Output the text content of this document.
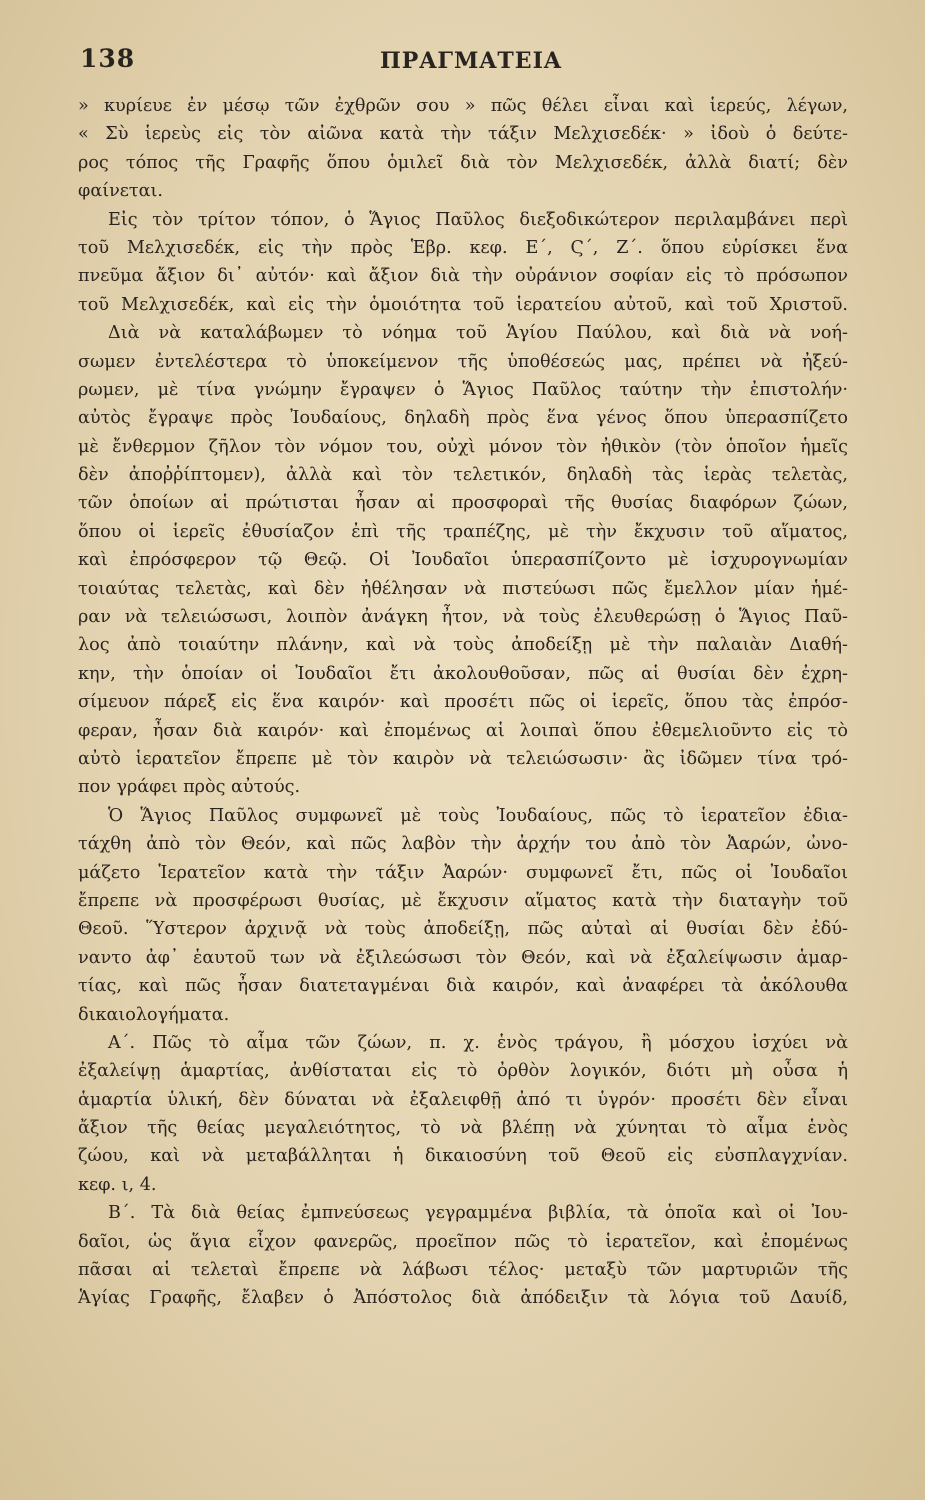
138	ΠΡΑΓΜΑΤΕΙΑ
» κυρίευε ἐν μέσῳ τῶν ἐχθρῶν σου » πῶς θέλει εἶναι καὶ ἱερεύς, λέγων,
« Σὺ ἱερεὺς εἰς τὸν αἰῶνα κατὰ τὴν τάξιν Μελχισεδέκ· » ἰδοὺ ὁ δεύτε-
ρος τόπος τῆς Γραφῆς ὅπου ὁμιλεῖ διὰ τὸν Μελχισεδέκ, ἀλλὰ διατί; δὲν
φαίνεται.
Εἰς τὸν τρίτον τόπον, ὁ Ἅγιος Παῦλος διεξοδικώτερον περιλαμβάνει περὶ
τοῦ Μελχισεδέκ, εἰς τὴν πρὸς Ἑβρ. κεφ. Ε΄, Ϛ΄, Ζ΄. ὅπου εὑρίσκει ἕνα
πνεῦμα ἄξιον δι᾽ αὐτόν· καὶ ἄξιον διὰ τὴν οὐράνιον σοφίαν εἰς τὸ πρόσωπον
τοῦ Μελχισεδέκ, καὶ εἰς τὴν ὁμοιότητα τοῦ ἱερατείου αὐτοῦ, καὶ τοῦ Χριστοῦ.
Διὰ νὰ καταλάβωμεν τὸ νόημα τοῦ Ἁγίου Παύλου, καὶ διὰ νὰ νοή-
σωμεν ἐντελέστερα τὸ ὑποκείμενον τῆς ὑποθέσεώς μας, πρέπει νὰ ἠξεύ-
ρωμεν, μὲ τίνα γνώμην ἔγραψεν ὁ Ἅγιος Παῦλος ταύτην τὴν ἐπιστολήν·
αὐτὸς ἔγραψε πρὸς Ἰουδαίους, δηλαδὴ πρὸς ἕνα γένος ὅπου ὑπερασπίζετο
μὲ ἔνθερμον ζῆλον τὸν νόμον του, οὐχὶ μόνον τὸν ἠθικὸν (τὸν ὁποῖον ἡμεῖς
δὲν ἀποῤῥίπτομεν), ἀλλὰ καὶ τὸν τελετικόν, δηλαδὴ τὰς ἱερὰς τελετὰς,
τῶν ὁποίων αἱ πρώτισται ἦσαν αἱ προσφοραὶ τῆς θυσίας διαφόρων ζώων,
ὅπου οἱ ἱερεῖς ἐθυσίαζον ἐπὶ τῆς τραπέζης, μὲ τὴν ἔκχυσιν τοῦ αἵματος,
καὶ ἐπρόσφερον τῷ Θεῷ. Οἱ Ἰουδαῖοι ὑπερασπίζοντο μὲ ἰσχυρογνωμίαν
τοιαύτας τελετὰς, καὶ δὲν ἠθέλησαν νὰ πιστεύωσι πῶς ἔμελλον μίαν ἡμέ-
ραν νὰ τελειώσωσι, λοιπὸν ἀνάγκη ἦτον, νὰ τοὺς ἐλευθερώσῃ ὁ Ἅγιος Παῦ-
λος ἀπὸ τοιαύτην πλάνην, καὶ νὰ τοὺς ἀποδείξῃ μὲ τὴν παλαιὰν Διαθή-
κην, τὴν ὁποίαν οἱ Ἰουδαῖοι ἔτι ἀκολουθοῦσαν, πῶς αἱ θυσίαι δὲν ἐχρη-
σίμευον πάρεξ εἰς ἕνα καιρόν· καὶ προσέτι πῶς οἱ ἱερεῖς, ὅπου τὰς ἐπρόσ-
φεραν, ἦσαν διὰ καιρόν· καὶ ἐπομένως αἱ λοιπαὶ ὅπου ἐθεμελιοῦντο εἰς τὸ
αὐτὸ ἱερατεῖον ἔπρεπε μὲ τὸν καιρὸν νὰ τελειώσωσιν· ἂς ἰδῶμεν τίνα τρό-
πον γράφει πρὸς αὐτούς.
Ὁ Ἅγιος Παῦλος συμφωνεῖ μὲ τοὺς Ἰουδαίους, πῶς τὸ ἱερατεῖον ἐδια-
τάχθη ἀπὸ τὸν Θεόν, καὶ πῶς λαβὸν τὴν ἀρχήν του ἀπὸ τὸν Ἀαρών, ὠνο-
μάζετο Ἱερατεῖον κατὰ τὴν τάξιν Ἀαρών· συμφωνεῖ ἔτι, πῶς οἱ Ἰουδαῖοι
ἔπρεπε νὰ προσφέρωσι θυσίας, μὲ ἔκχυσιν αἵματος κατὰ τὴν διαταγὴν τοῦ
Θεοῦ. Ὕστερον ἀρχινᾷ νὰ τοὺς ἀποδείξῃ, πῶς αὐταὶ αἱ θυσίαι δὲν ἐδύ-
ναντο ἀφ᾽ ἑαυτοῦ των νὰ ἐξιλεώσωσι τὸν Θεόν, καὶ νὰ ἐξαλείψωσιν ἁμαρ-
τίας, καὶ πῶς ἦσαν διατεταγμέναι διὰ καιρόν, καὶ ἀναφέρει τὰ ἀκόλουθα
δικαιολογήματα.
Α΄. Πῶς τὸ αἷμα τῶν ζώων, π. χ. ἑνὸς τράγου, ἢ μόσχου ἰσχύει νὰ
ἐξαλείψῃ ἁμαρτίας, ἀνθίσταται εἰς τὸ ὀρθὸν λογικόν, διότι μὴ οὖσα ἡ
ἁμαρτία ὑλική, δὲν δύναται νὰ ἐξαλειφθῇ ἀπό τι ὑγρόν· προσέτι δὲν εἶναι
ἄξιον τῆς θείας μεγαλειότητος, τὸ νὰ βλέπῃ νὰ χύνηται τὸ αἷμα ἑνὸς
ζώου, καὶ νὰ μεταβάλληται ἡ δικαιοσύνη τοῦ Θεοῦ εἰς εὐσπλαγχνίαν.
κεφ. ι, 4.
Β΄. Τὰ διὰ θείας ἐμπνεύσεως γεγραμμένα βιβλία, τὰ ὁποῖα καὶ οἱ Ἰου-
δαῖοι, ὡς ἅγια εἶχον φανερῶς, προεῖπον πῶς τὸ ἱερατεῖον, καὶ ἐπομένως
πᾶσαι αἱ τελεταὶ ἔπρεπε νὰ λάβωσι τέλος· μεταξὺ τῶν μαρτυριῶν τῆς
Ἁγίας Γραφῆς, ἔλαβεν ὁ Ἀπόστολος διὰ ἀπόδειξιν τὰ λόγια τοῦ Δαυίδ,
